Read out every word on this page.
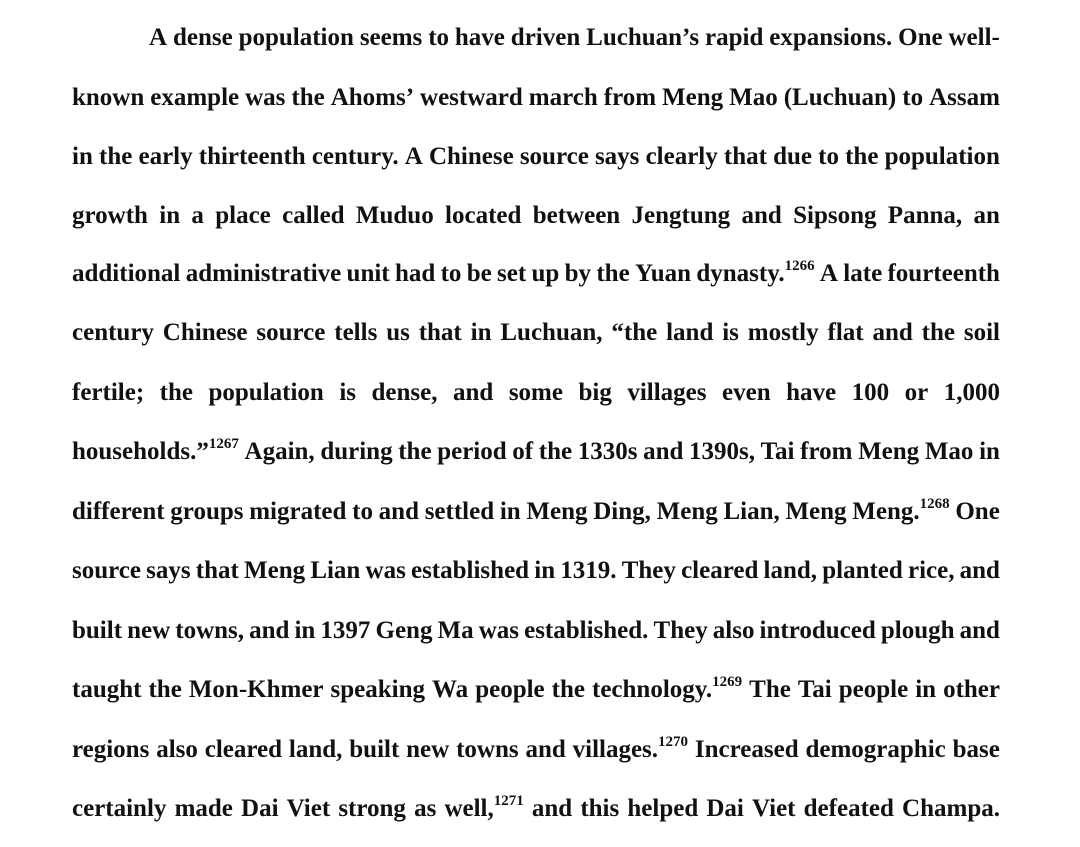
A dense population seems to have driven Luchuan’s rapid expansions. One well-
known example was the Ahoms’ westward march from Meng Mao (Luchuan) to Assam
in the early thirteenth century. A Chinese source says clearly that due to the population
growth in a place called Muduo located between Jengtung and Sipsong Panna, an
additional administrative unit had to be set up by the Yuan dynasty.$^{1266}$ A late fourteenth
century Chinese source tells us that in Luchuan, “the land is mostly flat and the soil
fertile; the population is dense, and some big villages even have 100 or 1,000
households.”$^{1267}$ Again, during the period of the 1330s and 1390s, Tai from Meng Mao in
different groups migrated to and settled in Meng Ding, Meng Lian, Meng Meng.$^{1268}$ One
source says that Meng Lian was established in 1319. They cleared land, planted rice, and
built new towns, and in 1397 Geng Ma was established. They also introduced plough and
taught the Mon-Khmer speaking Wa people the technology.$^{1269}$ The Tai people in other
regions also cleared land, built new towns and villages.$^{1270}$ Increased demographic base
certainly made Dai Viet strong as well,$^{1271}$ and this helped Dai Viet defeated Champa.
